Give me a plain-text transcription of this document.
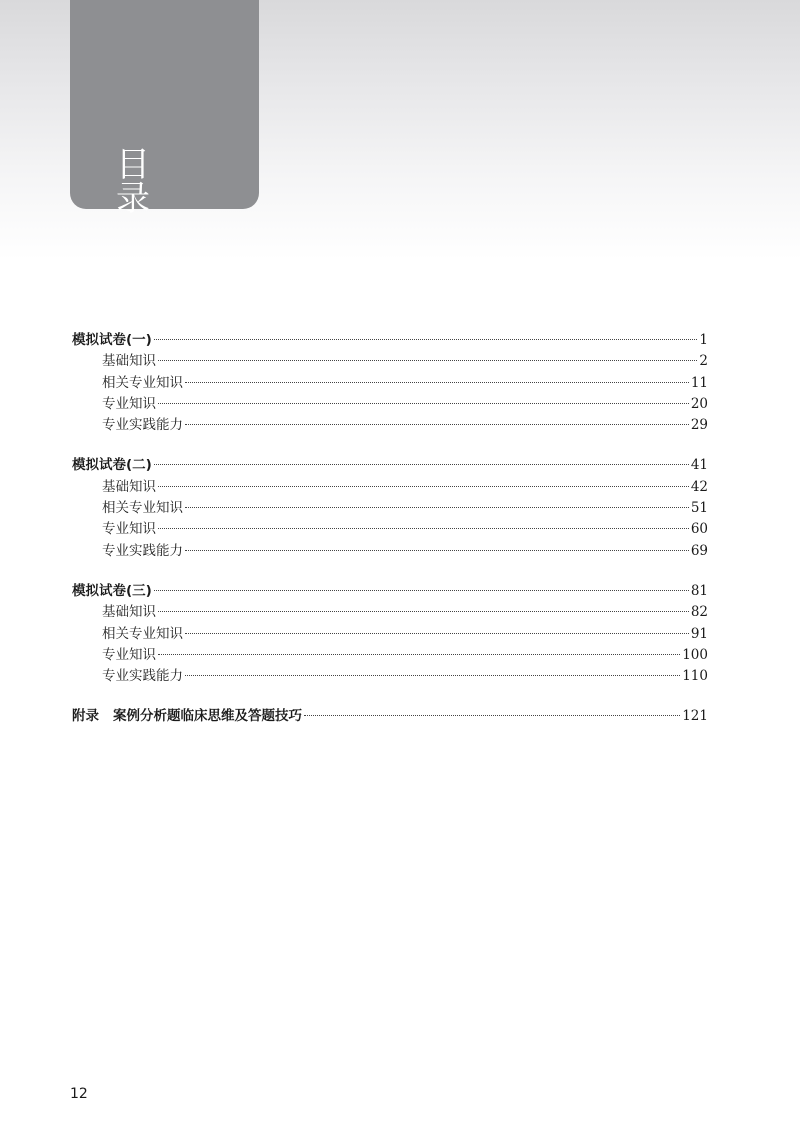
目 录
模拟试卷(一)	1
基础知识	2
相关专业知识	11
专业知识	20
专业实践能力	29
模拟试卷(二)	41
基础知识	42
相关专业知识	51
专业知识	60
专业实践能力	69
模拟试卷(三)	81
基础知识	82
相关专业知识	91
专业知识	100
专业实践能力	110
附录 案例分析题临床思维及答题技巧	121
12
